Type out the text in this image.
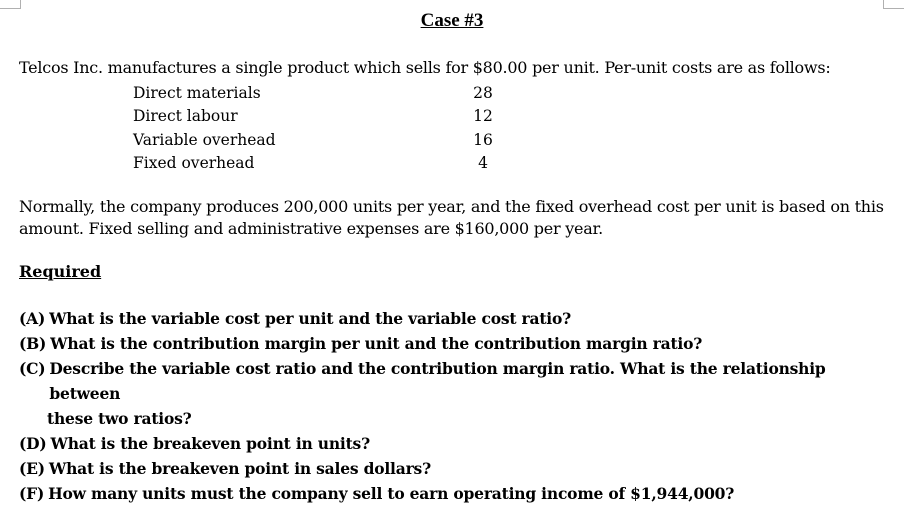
Case #3
Telcos Inc. manufactures a single product which sells for $80.00 per unit. Per-unit costs are as follows:
Direct materials	28
Direct labour	12
Variable overhead	16
Fixed overhead	4
Normally, the company produces 200,000 units per year, and the fixed overhead cost per unit is based on this amount. Fixed selling and administrative expenses are $160,000 per year.
Required
(A) What is the variable cost per unit and the variable cost ratio?
(B) What is the contribution margin per unit and the contribution margin ratio?
(C) Describe the variable cost ratio and the contribution margin ratio. What is the relationship between
these two ratios?
(D) What is the breakeven point in units?
(E) What is the breakeven point in sales dollars?
(F) How many units must the company sell to earn operating income of $1,944,000?
